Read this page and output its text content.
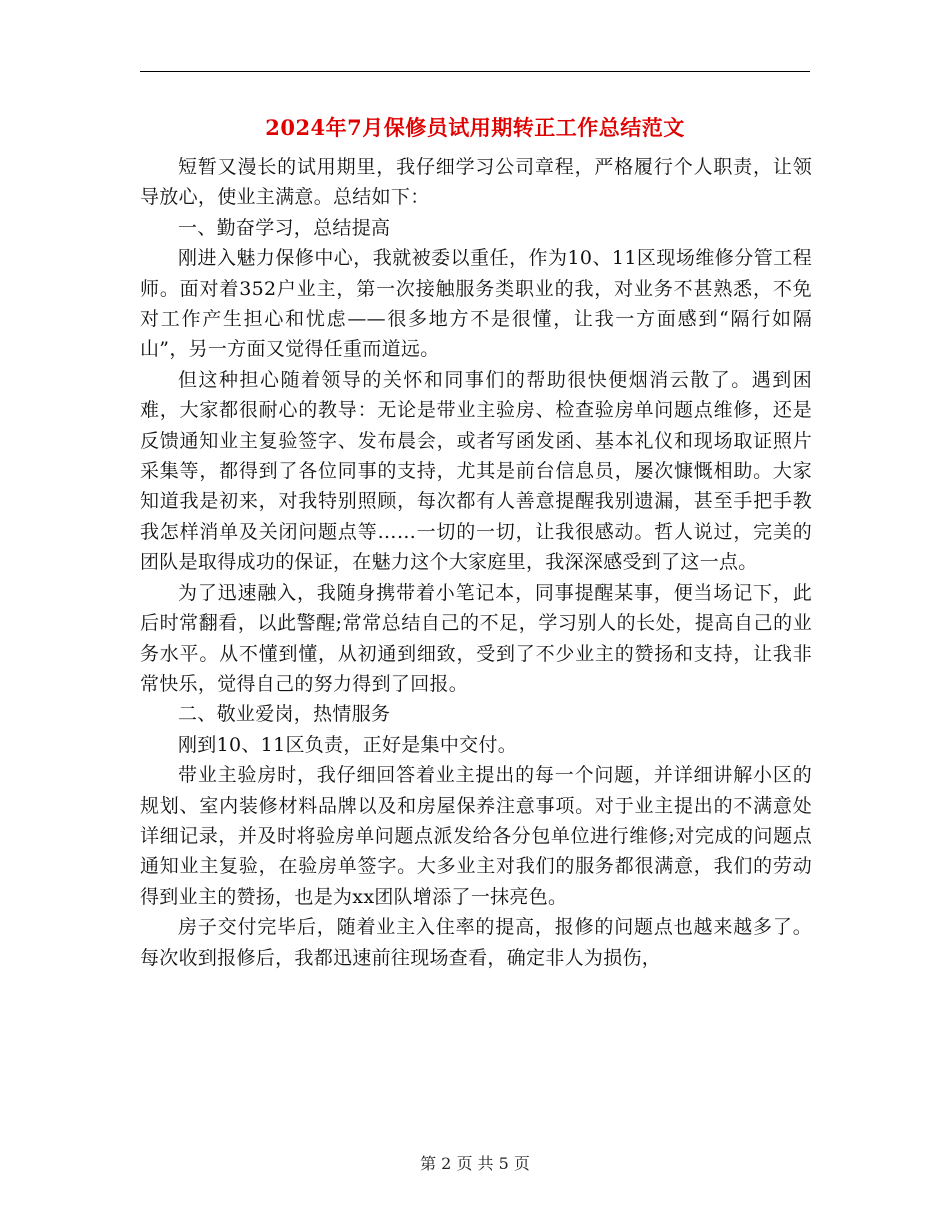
2024年7月保修员试用期转正工作总结范文

短暂又漫长的试用期里，我仔细学习公司章程，严格履行个人职责，让领导放心，使业主满意。总结如下：

一、勤奋学习，总结提高

刚进入魅力保修中心，我就被委以重任，作为10、11区现场维修分管工程师。面对着352户业主，第一次接触服务类职业的我，对业务不甚熟悉，不免对工作产生担心和忧虑——很多地方不是很懂，让我一方面感到“隔行如隔山”，另一方面又觉得任重而道远。

但这种担心随着领导的关怀和同事们的帮助很快便烟消云散了。遇到困难，大家都很耐心的教导：无论是带业主验房、检查验房单问题点维修，还是反馈通知业主复验签字、发布晨会，或者写函发函、基本礼仪和现场取证照片采集等，都得到了各位同事的支持，尤其是前台信息员，屡次慷慨相助。大家知道我是初来，对我特别照顾，每次都有人善意提醒我别遗漏，甚至手把手教我怎样消单及关闭问题点等……一切的一切，让我很感动。哲人说过，完美的团队是取得成功的保证，在魅力这个大家庭里，我深深感受到了这一点。

为了迅速融入，我随身携带着小笔记本，同事提醒某事，便当场记下，此后时常翻看，以此警醒;常常总结自己的不足，学习别人的长处，提高自己的业务水平。从不懂到懂，从初通到细致，受到了不少业主的赞扬和支持，让我非常快乐，觉得自己的努力得到了回报。

二、敬业爱岗，热情服务

刚到10、11区负责，正好是集中交付。

带业主验房时，我仔细回答着业主提出的每一个问题，并详细讲解小区的规划、室内装修材料品牌以及和房屋保养注意事项。对于业主提出的不满意处详细记录，并及时将验房单问题点派发给各分包单位进行维修;对完成的问题点通知业主复验，在验房单签字。大多业主对我们的服务都很满意，我们的劳动得到业主的赞扬，也是为xx团队增添了一抹亮色。

房子交付完毕后，随着业主入住率的提高，报修的问题点也越来越多了。每次收到报修后，我都迅速前往现场查看，确定非人为损伤，

第 2 页 共 5 页
